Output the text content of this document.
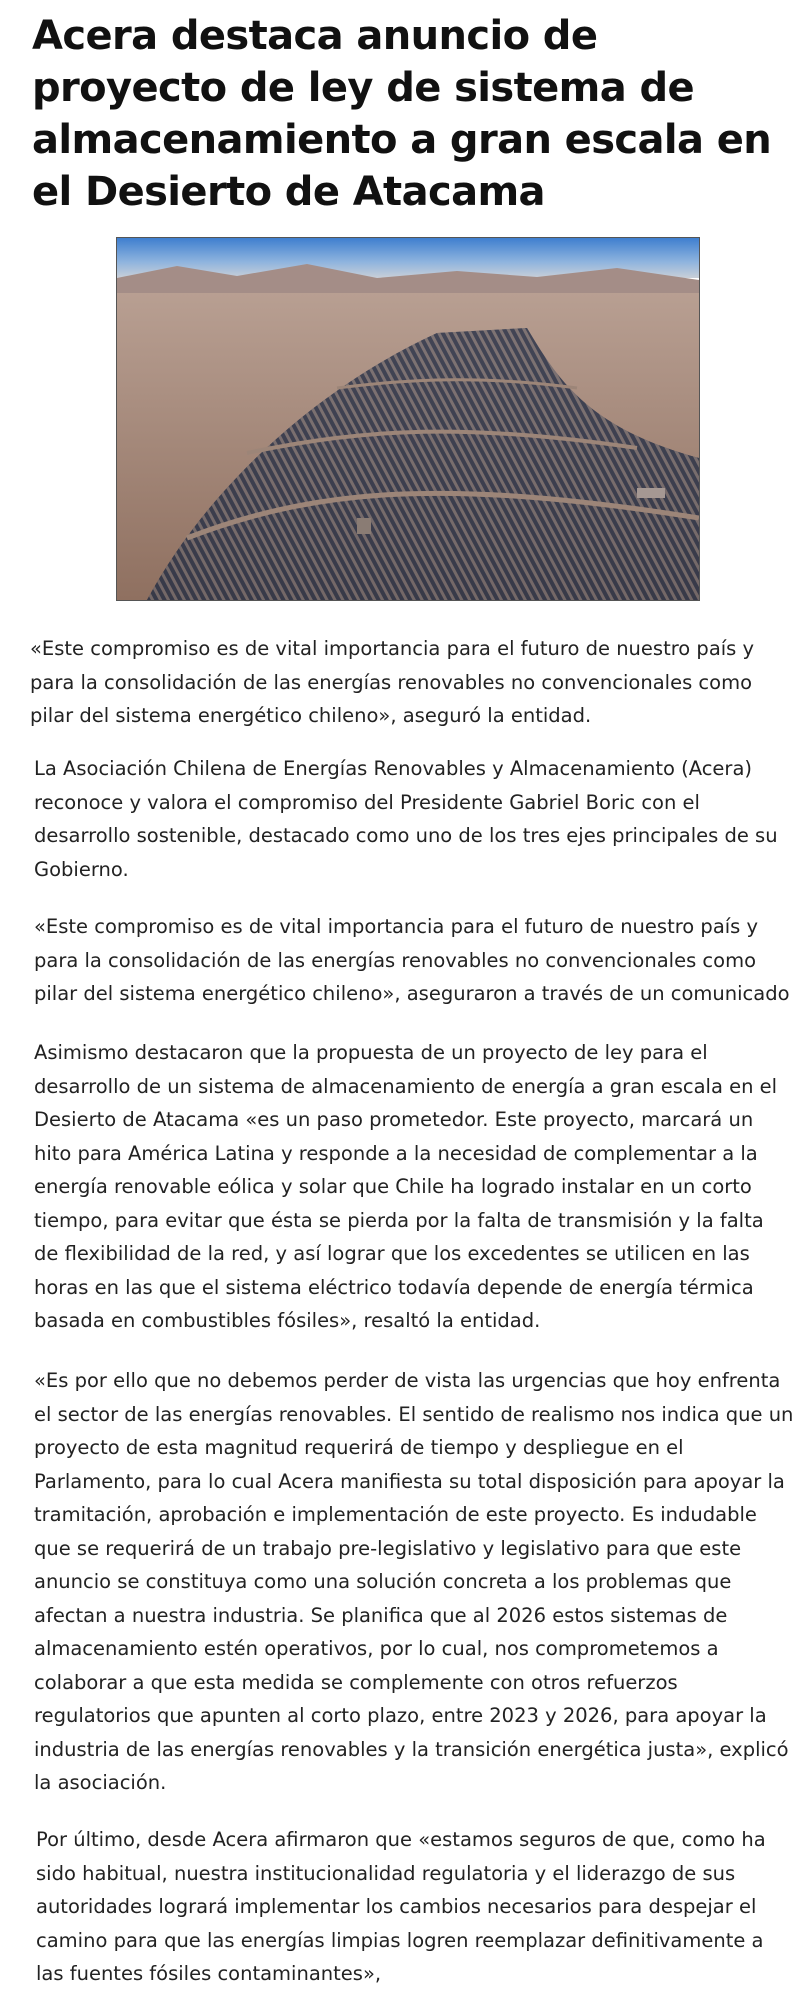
Acera destaca anuncio de proyecto de ley de sistema de almacenamiento a gran escala en el Desierto de Atacama

«Este compromiso es de vital importancia para el futuro de nuestro país y para la consolidación de las energías renovables no convencionales como pilar del sistema energético chileno», aseguró la entidad.

La Asociación Chilena de Energías Renovables y Almacenamiento (Acera) reconoce y valora el compromiso del Presidente Gabriel Boric con el desarrollo sostenible, destacado como uno de los tres ejes principales de su Gobierno.

«Este compromiso es de vital importancia para el futuro de nuestro país y para la consolidación de las energías renovables no convencionales como pilar del sistema energético chileno», aseguraron a través de un comunicado

Asimismo destacaron que la propuesta de un proyecto de ley para el desarrollo de un sistema de almacenamiento de energía a gran escala en el Desierto de Atacama «es un paso prometedor. Este proyecto, marcará un hito para América Latina y responde a la necesidad de complementar a la energía renovable eólica y solar que Chile ha logrado instalar en un corto tiempo, para evitar que ésta se pierda por la falta de transmisión y la falta de flexibilidad de la red, y así lograr que los excedentes se utilicen en las horas en las que el sistema eléctrico todavía depende de energía térmica basada en combustibles fósiles», resaltó la entidad.

«Es por ello que no debemos perder de vista las urgencias que hoy enfrenta el sector de las energías renovables. El sentido de realismo nos indica que un proyecto de esta magnitud requerirá de tiempo y despliegue en el Parlamento, para lo cual Acera manifiesta su total disposición para apoyar la tramitación, aprobación e implementación de este proyecto. Es indudable que se requerirá de un trabajo pre-legislativo y legislativo para que este anuncio se constituya como una solución concreta a los problemas que afectan a nuestra industria. Se planifica que al 2026 estos sistemas de almacenamiento estén operativos, por lo cual, nos comprometemos a colaborar a que esta medida se complemente con otros refuerzos regulatorios que apunten al corto plazo, entre 2023 y 2026, para apoyar la industria de las energías renovables y la transición energética justa», explicó la asociación.

Por último, desde Acera afirmaron que «estamos seguros de que, como ha sido habitual, nuestra institucionalidad regulatoria y el liderazgo de sus autoridades logrará implementar los cambios necesarios para despejar el camino para que las energías limpias logren reemplazar definitivamente a las fuentes fósiles contaminantes»,
